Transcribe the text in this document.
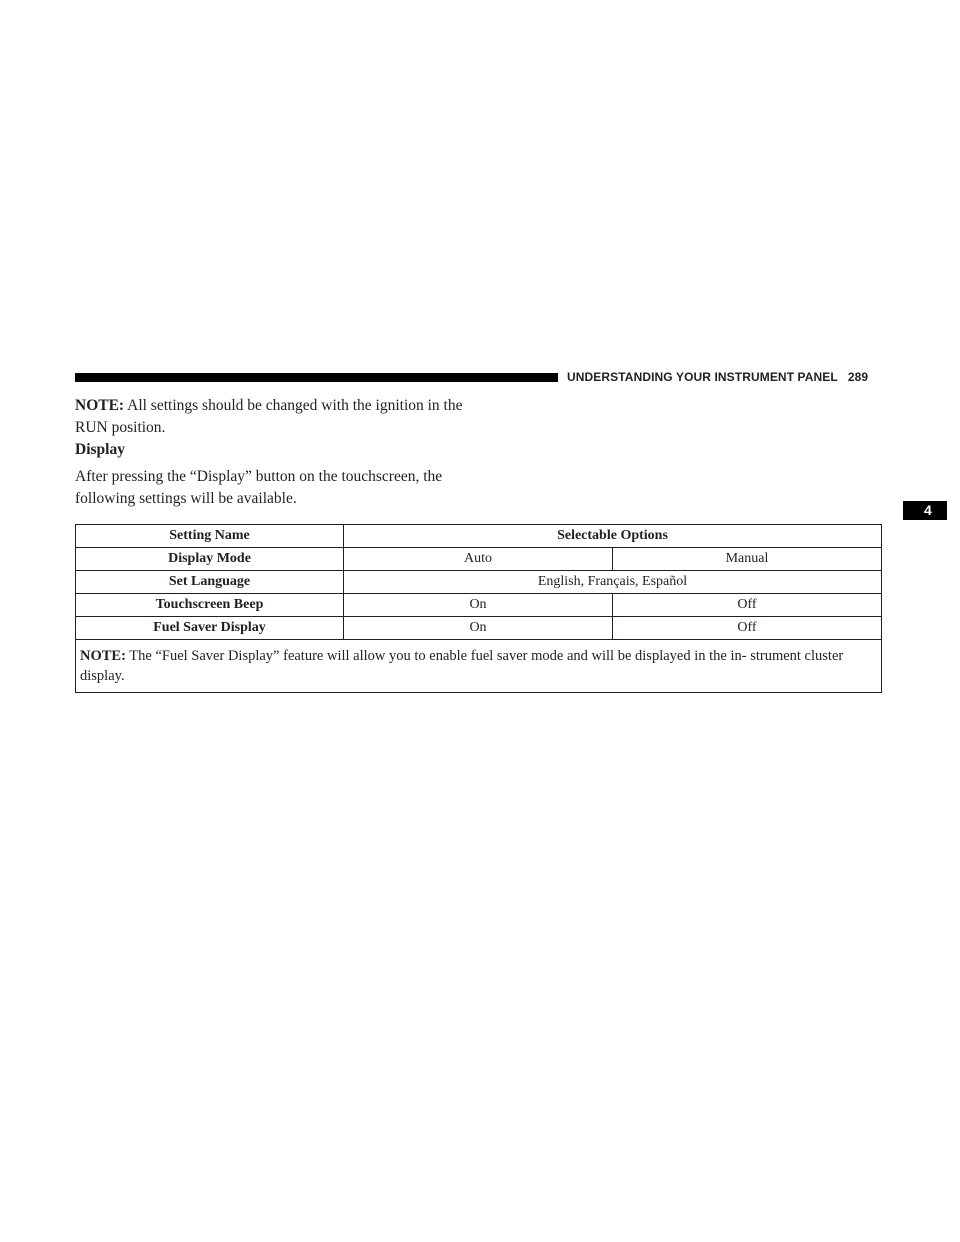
UNDERSTANDING YOUR INSTRUMENT PANEL 289
4

NOTE: All settings should be changed with the ignition in the RUN position.

Display

After pressing the “Display” button on the touchscreen, the following settings will be available.

Setting Name	Selectable Options	
Display Mode	Auto	Manual
Set Language	English, Français, Español	
Touchscreen Beep	On	Off
Fuel Saver Display	On	Off
NOTE: The “Fuel Saver Display” feature will allow you to enable fuel saver mode and will be displayed in the in- strument cluster display.		
